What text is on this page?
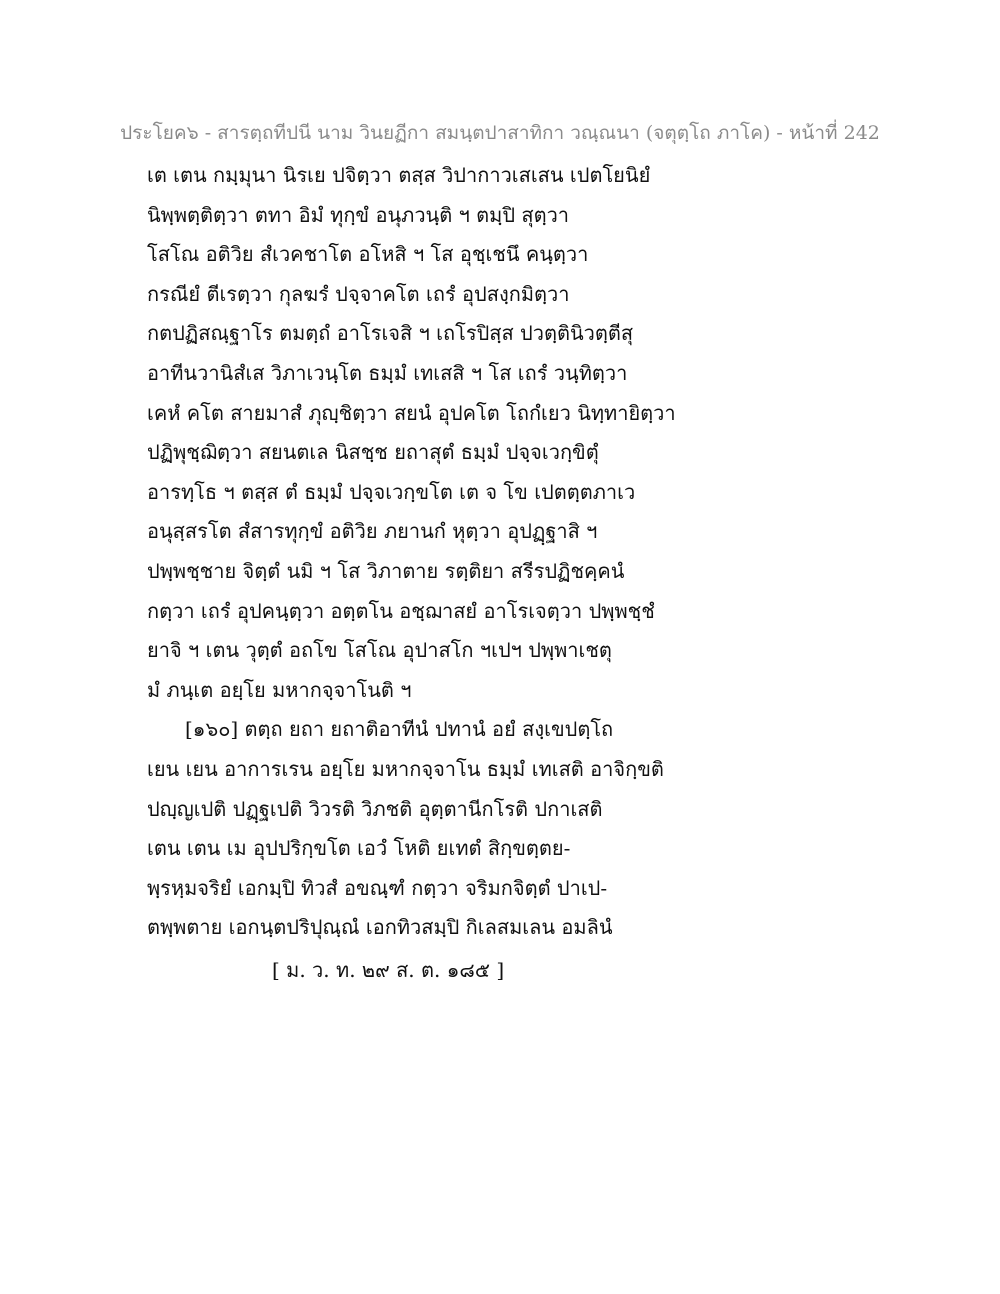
ประโยค๖ - สารตฺถทีปนี นาม วินยฏีกา สมนฺตปาสาทิกา วณฺณนา (จตุตฺโถ ภาโค) - หน้าที่ 242
เต เตน กมฺมุนา นิรเย ปจิตฺวา ตสฺส วิปากาวเสเสน เปตโยนิยํ
นิพฺพตฺติตฺวา ตทา อิมํ ทุกฺขํ อนุภวนฺติ ฯ ตมฺปิ สุตฺวา
โสโณ อติวิย สํเวคชาโต อโหสิ ฯ โส อุชฺเชนึ คนฺตฺวา
กรณียํ ตีเรตฺวา กุลฆรํ ปจฺจาคโต เถรํ อุปสงฺกมิตฺวา
กตปฏิสณฺฐาโร ตมตฺถํ อาโรเจสิ ฯ เถโรปิสฺส ปวตฺตินิวตฺตีสุ
อาทีนวานิสํเส วิภาเวนฺโต ธมฺมํ เทเสสิ ฯ โส เถรํ วนฺทิตฺวา
เคหํ คโต สายมาสํ ภุญฺชิตฺวา สยนํ อุปคโต โถกํเยว นิทฺทายิตฺวา
ปฏิพุชฺฌิตฺวา สยนตเล นิสชฺช ยถาสุตํ ธมฺมํ ปจฺจเวกฺขิตุํ
อารทฺโธ ฯ ตสฺส ตํ ธมฺมํ ปจฺจเวกฺขโต เต จ โข เปตตฺตภาเว
อนุสฺสรโต สํสารทุกฺขํ อติวิย ภยานกํ หุตฺวา อุปฏฺฐาสิ ฯ
ปพฺพชฺชาย จิตฺตํ นมิ ฯ โส วิภาตาย รตฺติยา สรีรปฏิชคฺคนํ
กตฺวา เถรํ อุปคนฺตฺวา อตฺตโน อชฺฌาสยํ อาโรเจตฺวา ปพฺพชฺชํ
ยาจิ ฯ เตน วุตฺตํ อถโข โสโณ อุปาสโก ฯเปฯ ปพฺพาเชตุ
มํ ภนฺเต อยฺโย มหากจฺจาโนติ ฯ
[๑๖๐] ตตฺถ ยถา ยถาติอาทีนํ ปทานํ อยํ สงฺเขปตฺโถ
เยน เยน อาการเรน อยฺโย มหากจฺจาโน ธมฺมํ เทเสติ อาจิกฺขติ
ปญฺญเปติ ปฏฺฐเปติ วิวรติ วิภชติ อุตฺตานีกโรติ ปกาเสติ
เตน เตน เม อุปปริกฺขโต เอวํ โหติ ยเทตํ สิกฺขตฺตย-
พฺรหฺมจริยํ เอกมฺปิ ทิวสํ อขณฺฑํ กตฺวา จริมกจิตฺตํ ปาเป-
ตพฺพตาย เอกนฺตปริปุณฺณํ เอกทิวสมฺปิ กิเลสมเลน อมลินํ
[ ม. ว. ท. ๒๙ ส. ต. ๑๘๕ ]
